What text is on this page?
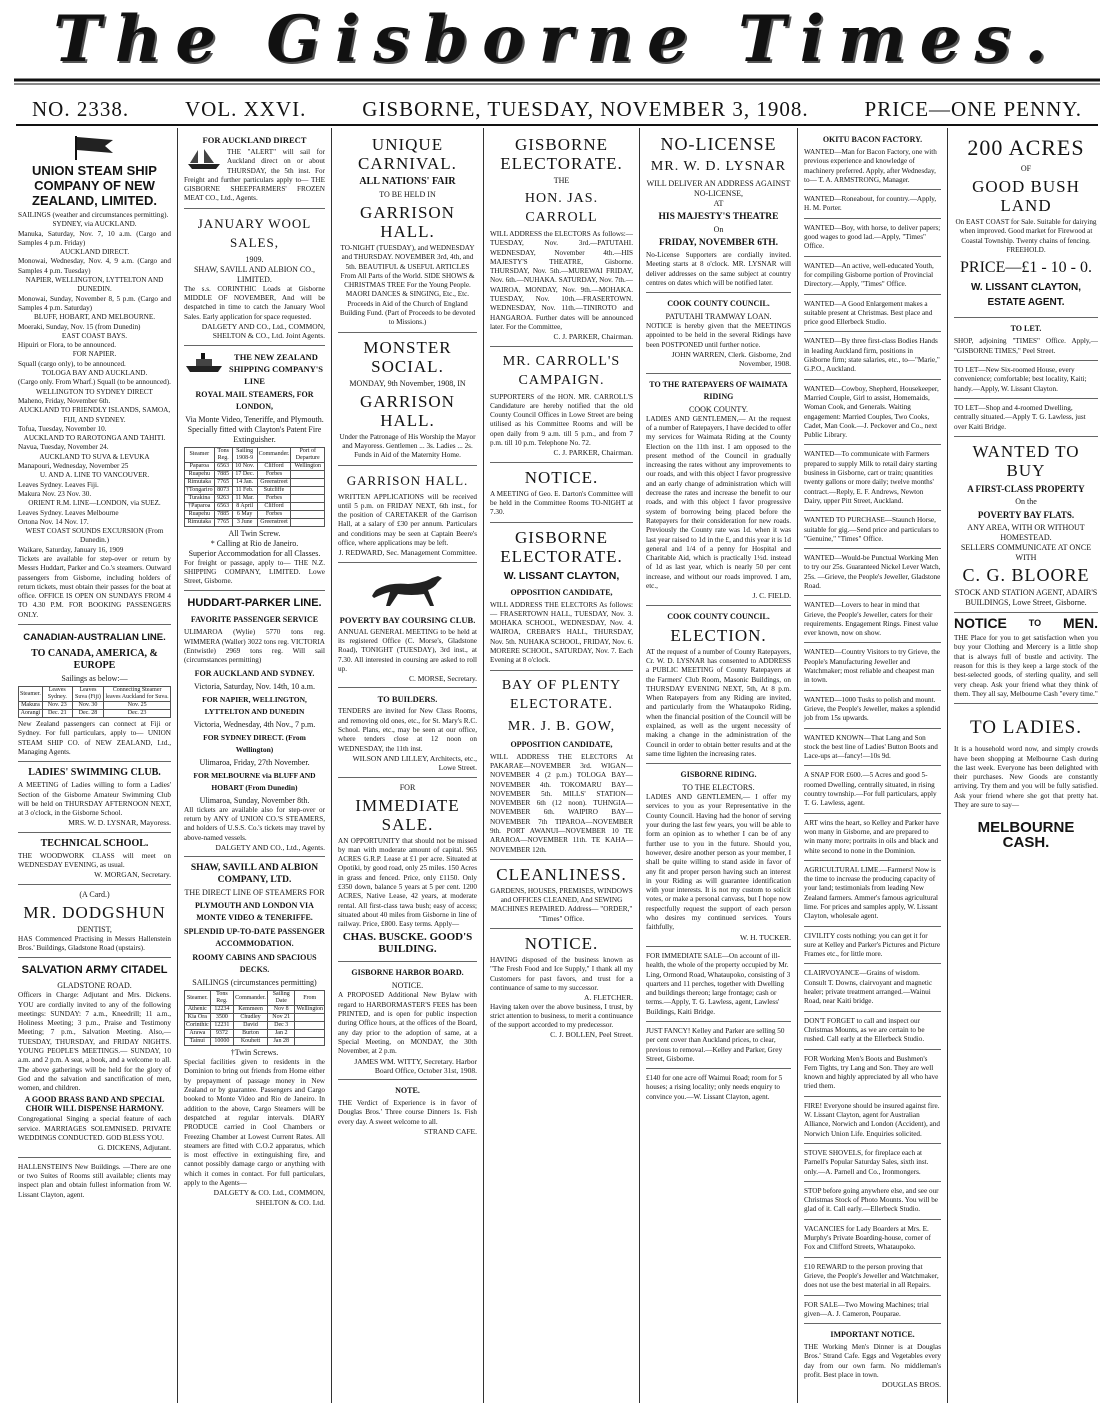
The Gisborne Times.
NO. 2338.	VOL. XXVI.	GISBORNE, TUESDAY, NOVEMBER 3, 1908.	PRICE—ONE PENNY.
UNION STEAM SHIP COMPANY OF NEW ZEALAND, LIMITED.
SAILINGS (weather and circumstances permitting).
SYDNEY, via AUCKLAND.
Manuka, Saturday, Nov. 7, 10 a.m. (Cargo and Samples 4 p.m. Friday)
AUCKLAND DIRECT.
Monowai, Wednesday, Nov. 4, 9 a.m. (Cargo and Samples 4 p.m. Tuesday)
NAPIER, WELLINGTON, LYTTELTON AND DUNEDIN.
Monowai, Sunday, November 8, 5 p.m. (Cargo and Samples 4 p.m. Saturday)
BLUFF, HOBART, AND MELBOURNE.
Moeraki, Sunday, Nov. 15 (from Dunedin)
EAST COAST BAYS.
Hipuiri or Flora, to be announced.
FOR NAPIER.
Squall (cargo only), to be announced.
TOLOGA BAY AND AUCKLAND.
(Cargo only. From Wharf.) Squall (to be announced).
WELLINGTON TO SYDNEY DIRECT
Maheno, Friday, November 6th.
AUCKLAND TO FRIENDLY ISLANDS, SAMOA, FIJI, AND SYDNEY.
Tofua, Tuesday, November 10.
AUCKLAND TO RAROTONGA AND TAHITI.
Navua, Tuesday, November 24.
AUCKLAND TO SUVA & LEVUKA
Manapouri, Wednesday, November 25
U. AND A. LINE TO VANCOUVER.
Leaves Sydney. Leaves Fiji.
Makura Nov. 23 Nov. 30.
ORIENT R.M. LINE—LONDON, via SUEZ.
Leaves Sydney. Leaves Melbourne
Ortona Nov. 14 Nov. 17.
WEST COAST SOUNDS EXCURSION (From Dunedin.)
Waikare, Saturday, January 16, 1909
Tickets are available for step-over or return by Messrs Huddart, Parker and Co.'s steamers. Outward passengers from Gisborne, including holders of return tickets, must obtain their passes for the boat at office. OFFICE IS OPEN ON SUNDAYS FROM 4 TO 4.30 P.M. FOR BOOKING PASSENGERS ONLY.
CANADIAN-AUSTRALIAN LINE.
TO CANADA, AMERICA, & EUROPE
Sailings as below:—
Steamer.	Leaves Sydney.	Leaves Suva (Fiji)	Connecting Steamer leaves Auckland for Suva.
Makura	Nov. 23	Nov. 30	Nov. 25
Aorangi	Dec. 21	Dec. 28	Dec. 23
New Zealand passengers can connect at Fiji or Sydney. For full particulars, apply to— UNION STEAM SHIP CO. of NEW ZEALAND, Ltd., Managing Agents.
LADIES' SWIMMING CLUB.
A MEETING of Ladies willing to form a Ladies' Section of the Gisborne Amateur Swimming Club will be held on THURSDAY AFTERNOON NEXT, at 3 o'clock, in the Gisborne School.
MRS. W. D. LYSNAR, Mayoress.
TECHNICAL SCHOOL.
THE WOODWORK CLASS will meet on WEDNESDAY EVENING, as usual.
W. MORGAN, Secretary.
(A Card.)
MR. DODGSHUN
DENTIST,
HAS Commenced Practising in Messrs Hallenstein Bros.' Buildings, Gladstone Road (upstairs).
SALVATION ARMY CITADEL
GLADSTONE ROAD.
Officers in Charge: Adjutant and Mrs. Dickens. YOU are cordially invited to any of the following meetings: SUNDAY: 7 a.m., Kneedrill; 11 a.m., Holiness Meeting; 3 p.m., Praise and Testimony Meeting; 7 p.m., Salvation Meeting. Also,— TUESDAY, THURSDAY, and FRIDAY NIGHTS. YOUNG PEOPLE'S MEETINGS.— SUNDAY, 10 a.m. and 2 p.m. A seat, a book, and a welcome to all. The above gatherings will be held for the glory of God and the salvation and sanctification of men, women, and children.
A GOOD BRASS BAND AND SPECIAL CHOIR WILL DISPENSE HARMONY.
Congregational Singing a special feature of each service. MARRIAGES SOLEMNISED. PRIVATE WEDDINGS CONDUCTED. GOD BLESS YOU.
G. DICKENS, Adjutant.
HALLENSTEIN'S New Buildings. —There are one or two Suites of Rooms still available; clients may inspect plan and obtain fullest information from W. Lissant Clayton, agent.
FOR AUCKLAND DIRECT
THE "ALERT" will sail for Auckland direct on or about THURSDAY, the 5th inst. For Freight and further particulars apply to— THE GISBORNE SHEEPFARMERS' FROZEN MEAT CO., Ltd., Agents.
JANUARY WOOL SALES,
1909.
SHAW, SAVILL AND ALBION CO., LIMITED.
The s.s. CORINTHIC Loads at Gisborne MIDDLE OF NOVEMBER, And will be despatched in time to catch the January Wool Sales. Early application for space requested.
DALGETY AND CO., Ltd., COMMON, SHELTON & CO., Ltd. Joint Agents.
THE NEW ZEALAND SHIPPING COMPANY'S LINE
ROYAL MAIL STEAMERS, FOR LONDON,
Via Monte Video, Teneriffe, and Plymouth.
Specially fitted with Clayton's Patent Fire Extinguisher.
Steamer	Tons Reg.	Sailing 1908-9	Commander.	Port of Departure
Paparoa	6563	10 Nov.	Clifford	Wellington
Ruapehu	7885	17 Dec.	Forbes	
Rimutaka	7765	14 Jan.	Greenstreet	
†Tongariro	8073	11 Feb.	Sutcliffe	
Turakina	9263	11 Mar.	Forbes	
†Paparoa	6563	8 April	Clifford	
Ruapehu	7885	6 May	Forbes	
Rimutaka	7765	3 June	Greenstreet	
All Twin Screw.
* Calling at Rio de Janeiro.
Superior Accommodation for all Classes.
For freight or passage, apply to— THE N.Z. SHIPPING COMPANY, LIMITED. Lowe Street, Gisborne.
HUDDART-PARKER LINE.
FAVORITE PASSENGER SERVICE
ULIMAROA (Wylie) 5770 tons reg. WIMMERA (Waller) 3022 tons reg. VICTORIA (Entwistle) 2969 tons reg. Will sail (circumstances permitting)
FOR AUCKLAND AND SYDNEY.
Victoria, Saturday, Nov. 14th, 10 a.m.
FOR NAPIER, WELLINGTON, LYTTELTON AND DUNEDIN
Victoria, Wednesday, 4th Nov., 7 p.m.
FOR SYDNEY DIRECT. (From Wellington)
Ulimaroa, Friday, 27th November.
FOR MELBOURNE via BLUFF AND HOBART (From Dunedin)
Ulimaroa, Sunday, November 8th.
All tickets are available also for step-over or return by ANY of UNION CO.'S STEAMERS, and holders of U.S.S. Co.'s tickets may travel by above-named vessels.
DALGETY AND CO., Ltd., Agents.
SHAW, SAVILL AND ALBION COMPANY, LTD.
THE DIRECT LINE OF STEAMERS FOR
PLYMOUTH AND LONDON VIA MONTE VIDEO & TENERIFFE.
SPLENDID UP-TO-DATE PASSENGER ACCOMMODATION.
ROOMY CABINS AND SPACIOUS DECKS.
SAILINGS (circumstances permitting)
Steamer.	Tons Reg.	Commander.	Sailing Date	From
Athenic	12234	Kemmeen	Nov 8	Wellington
Kia Ora	3500	Chudley	Nov 21	
Corinthic	12231	David	Dec 3	
Arawa	9372	Burton	Jan 2	
Tainui	10000	Kouhett	Jan 28	
†Twin Screws.
Special facilities given to residents in the Dominion to bring out friends from Home either by prepayment of passage money in New Zealand or by guarantee. Passengers and Cargo booked to Monte Video and Rio de Janeiro. In addition to the above, Cargo Steamers will be despatched at regular intervals. DIARY PRODUCE carried in Cool Chambers or Freezing Chamber at Lowest Current Rates. All steamers are fitted with C.O.2 apparatus, which is most effective in extinguishing fire, and cannot possibly damage cargo or anything with which it comes in contact. For full particulars, apply to the Agents—
DALGETY & CO. Ltd., COMMON, SHELTON & CO. Ltd.
UNIQUE CARNIVAL.
ALL NATIONS' FAIR
TO BE HELD IN
GARRISON HALL.
TO-NIGHT (TUESDAY), and WEDNESDAY and THURSDAY. NOVEMBER 3rd, 4th, and 5th. BEAUTIFUL & USEFUL ARTICLES From All Parts of the World. SIDE SHOWS & CHRISTMAS TREE For the Young People. MAORI DANCES & SINGING, Etc., Etc. Proceeds in Aid of the Church of England Building Fund. (Part of Proceeds to be devoted to Missions.)
MONSTER SOCIAL.
MONDAY, 9th November, 1908, IN
GARRISON HALL.
Under the Patronage of His Worship the Mayor and Mayoress. Gentlemen ... 3s. Ladies ... 2s. Funds in Aid of the Maternity Home.
GARRISON HALL.
WRITTEN APPLICATIONS will be received until 5 p.m. on FRIDAY NEXT, 6th inst., for the position of CARETAKER of the Garrison Hall, at a salary of £30 per annum. Particulars and conditions may be seen at Captain Beere's office, where applications may be left.
J. REDWARD, Sec. Management Committee.
POVERTY BAY COURSING CLUB.
ANNUAL GENERAL MEETING to be held at its registered Office (C. Morse's, Gladstone Road), TONIGHT (TUESDAY), 3rd inst., at 7.30. All interested in coursing are asked to roll up.
C. MORSE, Secretary.
TO BUILDERS.
TENDERS are invited for New Class Rooms, and removing old ones, etc., for St. Mary's R.C. School. Plans, etc., may be seen at our office, where tenders close at 12 noon on WEDNESDAY, the 11th inst.
WILSON AND LILLEY, Architects, etc., Lowe Street.
FOR
IMMEDIATE SALE.
AN OPPORTUNITY that should not be missed by man with moderate amount of capital. 965 ACRES G.R.P. Lease at £1 per acre. Situated at Opotiki, by good road, only 25 miles. 150 Acres in grass and fenced. Price, only £1150. Only £350 down, balance 5 years at 5 per cent. 1200 ACRES, Native Lease, 42 years, at moderate rental. All first-class tawa bush; easy of access; situated about 40 miles from Gisborne in line of railway. Price, £800. Easy terms. Apply—
CHAS. BUSCKE. GOOD'S BUILDING.
GISBORNE HARBOR BOARD.
NOTICE.
A PROPOSED Additional New Bylaw with regard to HARBORMASTER'S FEES has been PRINTED, and is open for public inspection during Office hours, at the offices of the Board, any day prior to the adoption of same, at a Special Meeting, on MONDAY, the 30th November, at 2 p.m.
JAMES WM. WITTY, Secretary. Harbor Board Office, October 31st, 1908.
NOTE.
THE Verdict of Experience is in favor of Douglas Bros.' Three course Dinners 1s. Fish every day. A sweet welcome to all.
STRAND CAFE.
GISBORNE ELECTORATE.
THE
HON. JAS. CARROLL
WILL ADDRESS the ELECTORS As follows:— TUESDAY, Nov. 3rd.—PATUTAHI. WEDNESDAY, November 4th.—HIS MAJESTY'S THEATRE, Gisborne. THURSDAY, Nov. 5th.—MUREWAI FRIDAY, Nov. 6th.—NUHAKA. SATURDAY, Nov. 7th.—WAIROA. MONDAY, Nov. 9th.—MOHAKA. TUESDAY, Nov. 10th.—FRASERTOWN. WEDNESDAY, Nov. 11th.—TINIROTO and HANGAROA. Further dates will be announced later. For the Committee,
C. J. PARKER, Chairman.
MR. CARROLL'S CAMPAIGN.
SUPPORTERS of the HON. MR. CARROLL'S Candidature are hereby notified that the old County Council Offices in Lowe Street are being utilised as his Committee Rooms and will be open daily from 9 a.m. till 5 p.m., and from 7 p.m. till 10 p.m. Telephone No. 72.
C. J. PARKER, Chairman.
NOTICE.
A MEETING of Geo. E. Darton's Committee will be held in the Committee Rooms TO-NIGHT at 7.30.
GISBORNE ELECTORATE.
W. LISSANT CLAYTON,
OPPOSITION CANDIDATE,
WILL ADDRESS THE ELECTORS As follows:— FRASERTOWN HALL, TUESDAY, Nov. 3. MOHAKA SCHOOL, WEDNESDAY, Nov. 4. WAIROA, CREBAR'S HALL, THURSDAY, Nov. 5th. NUHAKA SCHOOL, FRIDAY, Nov. 6. MORERE SCHOOL, SATURDAY, Nov. 7. Each Evening at 8 o'clock.
BAY OF PLENTY ELECTORATE.
MR. J. B. GOW,
OPPOSITION CANDIDATE,
WILL ADDRESS THE ELECTORS At PAKARAE—NOVEMBER 3rd. WIGAN—NOVEMBER 4 (2 p.m.) TOLOGA BAY—NOVEMBER 4th. TOKOMARU BAY—NOVEMBER 5th. MILLS' STATION—NOVEMBER 6th (12 noon). TUHNGIA—NOVEMBER 6th. WAIPIRO BAY—NOVEMBER 7th TIPAROA—NOVEMBER 9th. PORT AWANUI—NOVEMBER 10 TE ARAROA—NOVEMBER 11th. TE KAHA—NOVEMBER 12th.
CLEANLINESS.
GARDENS, HOUSES, PREMISES, WINDOWS and OFFICES CLEANED, And SEWING MACHINES REPAIRED. Address— "ORDER," "Times" Office.
NOTICE.
HAVING disposed of the business known as "The Fresh Food and Ice Supply," I thank all my Customers for past favors, and trust for a continuance of same to my successor.
A. FLETCHER.
Having taken over the above business, I trust, by strict attention to business, to merit a continuance of the support accorded to my predecessor.
C. J. BOLLEN, Peel Street.
NO-LICENSE
MR. W. D. LYSNAR
WILL DELIVER AN ADDRESS AGAINST NO-LICENSE,
AT
HIS MAJESTY'S THEATRE
On
FRIDAY, NOVEMBER 6TH.
No-License Supporters are cordially invited. Meeting starts at 8 o'clock. MR. LYSNAR will deliver addresses on the same subject at country centres on dates which will be notified later.
COOK COUNTY COUNCIL.
PATUTAHI TRAMWAY LOAN.
NOTICE is hereby given that the MEETINGS appointed to be held in the several Ridings have been POSTPONED until further notice.
JOHN WARREN, Clerk. Gisborne, 2nd November, 1908.
TO THE RATEPAYERS OF WAIMATA RIDING
COOK COUNTY.
LADIES AND GENTLEMEN,— At the request of a number of Ratepayers, I have decided to offer my services for Waimata Riding at the County Election on the 11th inst. I am opposed to the present method of the Council in gradually increasing the rates without any improvements to our roads, and with this object I favor progressive and an early change of administration which will decrease the rates and increase the benefit to our roads, and with this object I favor progressive system of borrowing being placed before the Ratepayers for their consideration for new roads. Previously the County rate was 1d. when it was last year raised to 1d in the £, and this year it is 1d general and 1/4 of a penny for Hospital and Charitable Aid, which is practically 1½d. instead of 1d as last year, which is nearly 50 per cent increase, and without our roads improved. I am, etc.,
J. C. FIELD.
COOK COUNTY COUNCIL.
ELECTION.
AT the request of a number of County Ratepayers, Cr. W. D. LYSNAR has consented to ADDRESS a PUBLIC MEETING of County Ratepayers at the Farmers' Club Room, Masonic Buildings, on THURSDAY EVENING NEXT, 5th, At 8 p.m. When Ratepayers from any Riding are invited, and particularly from the Whataupoko Riding, when the financial position of the Council will be explained, as well as the urgent necessity of making a change in the administration of the Council in order to obtain better results and at the same time lighten the increasing rates.
GISBORNE RIDING.
TO THE ELECTORS.
LADIES AND GENTLEMEN,— I offer my services to you as your Representative in the County Council. Having had the honor of serving your during the last few years, you will be able to form an opinion as to whether I can be of any further use to you in the future. Should you, however, desire another person as your member, I shall be quite willing to stand aside in favor of any fit and proper person having such an interest in your Riding as will guarantee identification with your interests. It is not my custom to solicit votes, or make a personal canvass, but I hope now respectfully request the support of each person who desires my continued services. Yours faithfully,
W. H. TUCKER.
FOR IMMEDIATE SALE—On account of ill-health, the whole of the property occupied by Mr. Ling, Ormond Road, Whataupoko, consisting of 3 quarters and 11 perches, together with Dwelling and buildings thereon; large frontage; cash or terms.—Apply, T. G. Lawless, agent, Lawless' Buildings, Kaiti Bridge.
JUST FANCY! Kelley and Parker are selling 50 per cent cover than Auckland prices, to clear, previous to removal.—Kelley and Parker, Grey Street, Gisborne.
£140 for one acre off Waimui Road; room for 5 houses; a rising locality; only needs enquiry to convince you.—W. Lissant Clayton, agent.
OKITU BACON FACTORY.
WANTED—Man for Bacon Factory, one with previous experience and knowledge of machinery preferred. Apply, after Wednesday, to— T. A. ARMSTRONG, Manager.
WANTED—Roneabout, for country.—Apply, H. M. Porter.
WANTED—Boy, with horse, to deliver papers; good wages to good lad.—Apply, "Times" Office.
WANTED—An active, well-educated Youth, for compiling Gisborne portion of Provincial Directory.—Apply, "Times" Office.
WANTED—A Good Enlargement makes a suitable present at Christmas. Best place and price good Ellerbeck Studio.
WANTED—By three first-class Bodies Hands in leading Auckland firm, positions in Gisborne firm; state salaries, etc., to—"Marie," G.P.O., Auckland.
WANTED—Cowboy, Shepherd, Housekeeper, Married Couple, Girl to assist, Homemaids, Woman Cook, and Generals. Waiting engagement: Married Couples, Two Cooks, Cadet, Man Cook.—J. Peckover and Co., next Public Library.
WANTED—To communicate with Farmers prepared to supply Milk to retail dairy starting business in Gisborne, cart or train; quantities twenty gallons or more daily; twelve months' contract.—Reply, E. F. Andrews, Newton Dairy, upper Pitt Street, Auckland.
WANTED TO PURCHASE—Staunch Horse, suitable for gig.—Send price and particulars to "Genuine," "Times" Office.
WANTED—Would-be Punctual Working Men to try our 25s. Guaranteed Nickel Lever Watch, 25s. —Grieve, the People's Jeweller, Gladstone Road.
WANTED—Lovers to hear in mind that Grieve, the People's Jeweller, caters for their requirements. Engagement Rings. Finest value ever known, now on show.
WANTED—Country Visitors to try Grieve, the People's Manufacturing Jeweller and Watchmaker; most reliable and cheapest man in town.
WANTED—1000 Tusks to polish and mount. Grieve, the People's Jeweller, makes a splendid job from 15s upwards.
WANTED KNOWN—That Lang and Son stock the best line of Ladies' Button Boots and Lace-ups at—fancy!—10s 9d.
A SNAP FOR £600.—5 Acres and good 5-roomed Dwelling, centrally situated, in rising country township.—For full particulars, apply T. G. Lawless, agent.
ART wins the heart, so Kelley and Parker have won many in Gisborne, and are prepared to win many more; portraits in oils and black and white second to none in the Dominion.
AGRICULTURAL LIME.—Farmers! Now is the time to increase the producing capacity of your land; testimonials from leading New Zealand farmers. Ammer's famous agricultural lime. For prices and samples apply, W. Lissant Clayton, wholesale agent.
CIVILITY costs nothing; you can get it for sure at Kelley and Parker's Pictures and Picture Frames etc., for little more.
CLAIRVOYANCE—Grains of wisdom. Consult T. Downs, clairvoyant and magnetic healer; private treatment arranged.—Wainui Road, near Kaiti bridge.
DON'T FORGET to call and inspect our Christmas Mounts, as we are certain to be rushed. Call early at the Ellerbeck Studio.
FOR Working Men's Boots and Bushmen's Fern Tights, try Lang and Son. They are well known and highly appreciated by all who have tried them.
FIRE! Everyone should be insured against fire. W. Lissant Clayton, agent for Australian Alliance, Norwich and London (Accident), and Norwich Union Life. Enquiries solicited.
STOVE SHOVELS, for fireplace each at Parnell's Popular Saturday Sales, sixth inst. only.—A. Parnell and Co., Ironmongers.
STOP before going anywhere else, and see our Christmas Stock of Photo Mounts. You will be glad of it. Call early.—Ellerbeck Studio.
VACANCIES for Lady Boarders at Mrs. E. Murphy's Private Boarding-house, corner of Fox and Clifford Streets, Whataupoko.
£10 REWARD to the person proving that Grieve, the People's Jeweller and Watchmaker, does not use the best material in all Repairs.
FOR SALE—Two Mowing Machines; trial given—A. J. Cameron, Pouparae.
IMPORTANT NOTICE.
THE Working Men's Dinner is at Douglas Bros.' Strand Cafe. Eggs and Vegetables every day from our own farm. No middleman's profit. Best place in town.
DOUGLAS BROS.
200 ACRES
OF
GOOD BUSH LAND
On EAST COAST for Sale. Suitable for dairying when improved. Good market for Firewood at Coastal Township. Twenty chains of fencing. FREEHOLD.
PRICE—£1 - 10 - 0.
W. LISSANT CLAYTON, ESTATE AGENT.
TO LET.
SHOP, adjoining "TIMES" Office. Apply,— "GISBORNE TIMES," Peel Street.
TO LET—New Six-roomed House, every convenience; comfortable; best locality, Kaiti; handy.—Apply, W. Lissant Clayton.
TO LET—Shop and 4-roomed Dwelling, centrally situated.—Apply T. G. Lawless, just over Kaiti Bridge.
WANTED TO BUY
A FIRST-CLASS PROPERTY
On the
POVERTY BAY FLATS.
ANY AREA, WITH OR WITHOUT HOMESTEAD.
SELLERS COMMUNICATE AT ONCE WITH
C. G. BLOORE
STOCK AND STATION AGENT, ADAIR'S BUILDINGS, Lowe Street, Gisborne.
NOTICE TO MEN.
THE Place for you to get satisfaction when you buy your Clothing and Mercery is a little shop that is always full of bustle and activity. The reason for this is they keep a large stock of the best-selected goods, of sterling quality, and sell very cheap. Ask your friend what they think of them. They all say, Melbourne Cash "every time."
TO LADIES.
It is a household word now, and simply crowds have been shopping at Melbourne Cash during the last week. Everyone has been delighted with their purchases. New Goods are constantly arriving. Try them and you will be fully satisfied. Ask your friend where she got that pretty hat. They are sure to say—
MELBOURNE CASH.
